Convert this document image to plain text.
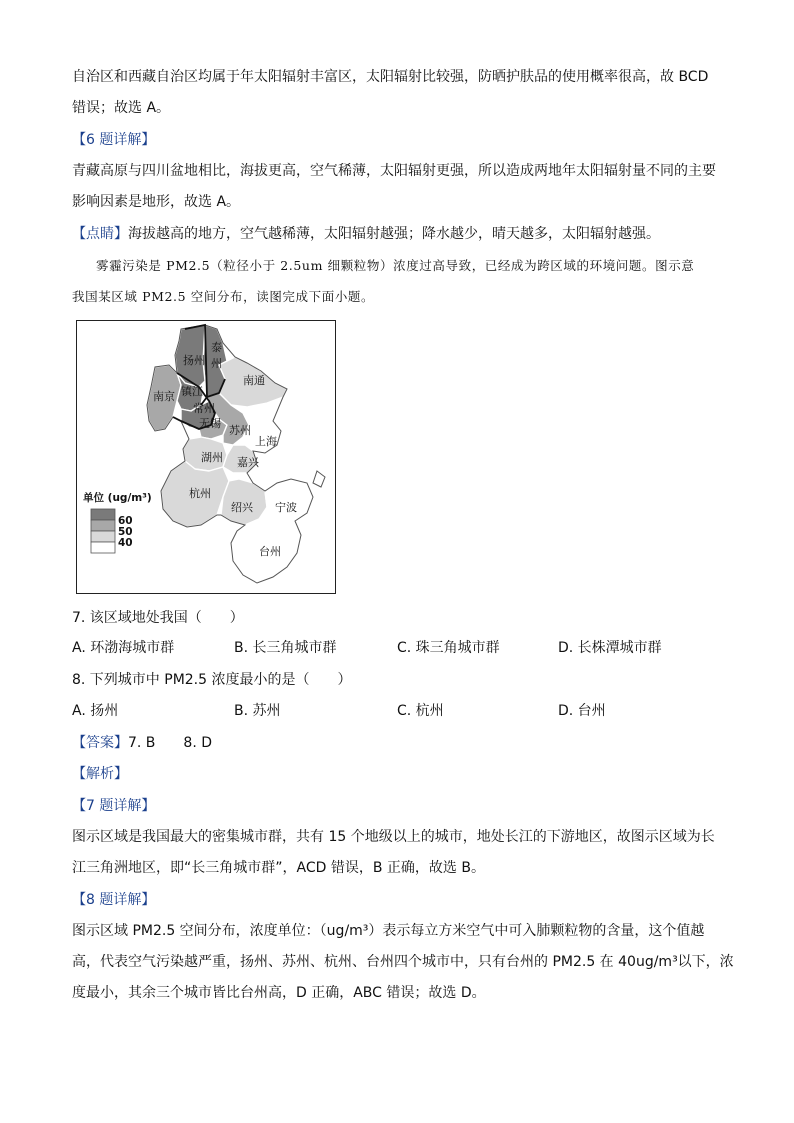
自治区和西藏自治区均属于年太阳辐射丰富区，太阳辐射比较强，防晒护肤品的使用概率很高，故 BCD
错误；故选 A。
【6 题详解】
青藏高原与四川盆地相比，海拔更高，空气稀薄，太阳辐射更强，所以造成两地年太阳辐射量不同的主要
影响因素是地形，故选 A。
【点睛】海拔越高的地方，空气越稀薄，太阳辐射越强；降水越少，晴天越多，太阳辐射越强。
雾霾污染是 PM2.5（粒径小于 2.5um 细颗粒物）浓度过高导致，已经成为跨区域的环境问题。图示意
我国某区域 PM2.5 空间分布，读图完成下面小题。
扬州
泰
州
南通
南京 镇江
常州
无锡
苏州
上海
湖州 嘉兴
杭州
绍兴 宁波
台州
单位 (ug/m³)
60
50
40
7. 该区域地处我国（　　）
A. 环渤海城市群	B. 长三角城市群	C. 珠三角城市群	D. 长株潭城市群
8. 下列城市中 PM2.5 浓度最小的是（　　）
A. 扬州	B. 苏州	C. 杭州	D. 台州
【答案】7. B　　8. D
【解析】
【7 题详解】
图示区域是我国最大的密集城市群，共有 15 个地级以上的城市，地处长江的下游地区，故图示区域为长
江三角洲地区，即“长三角城市群”，ACD 错误，B 正确，故选 B。
【8 题详解】
图示区域 PM2.5 空间分布，浓度单位：（ug/m³）表示每立方米空气中可入肺颗粒物的含量，这个值越
高，代表空气污染越严重，扬州、苏州、杭州、台州四个城市中，只有台州的 PM2.5 在 40ug/m³以下，浓
度最小，其余三个城市皆比台州高，D 正确，ABC 错误；故选 D。
